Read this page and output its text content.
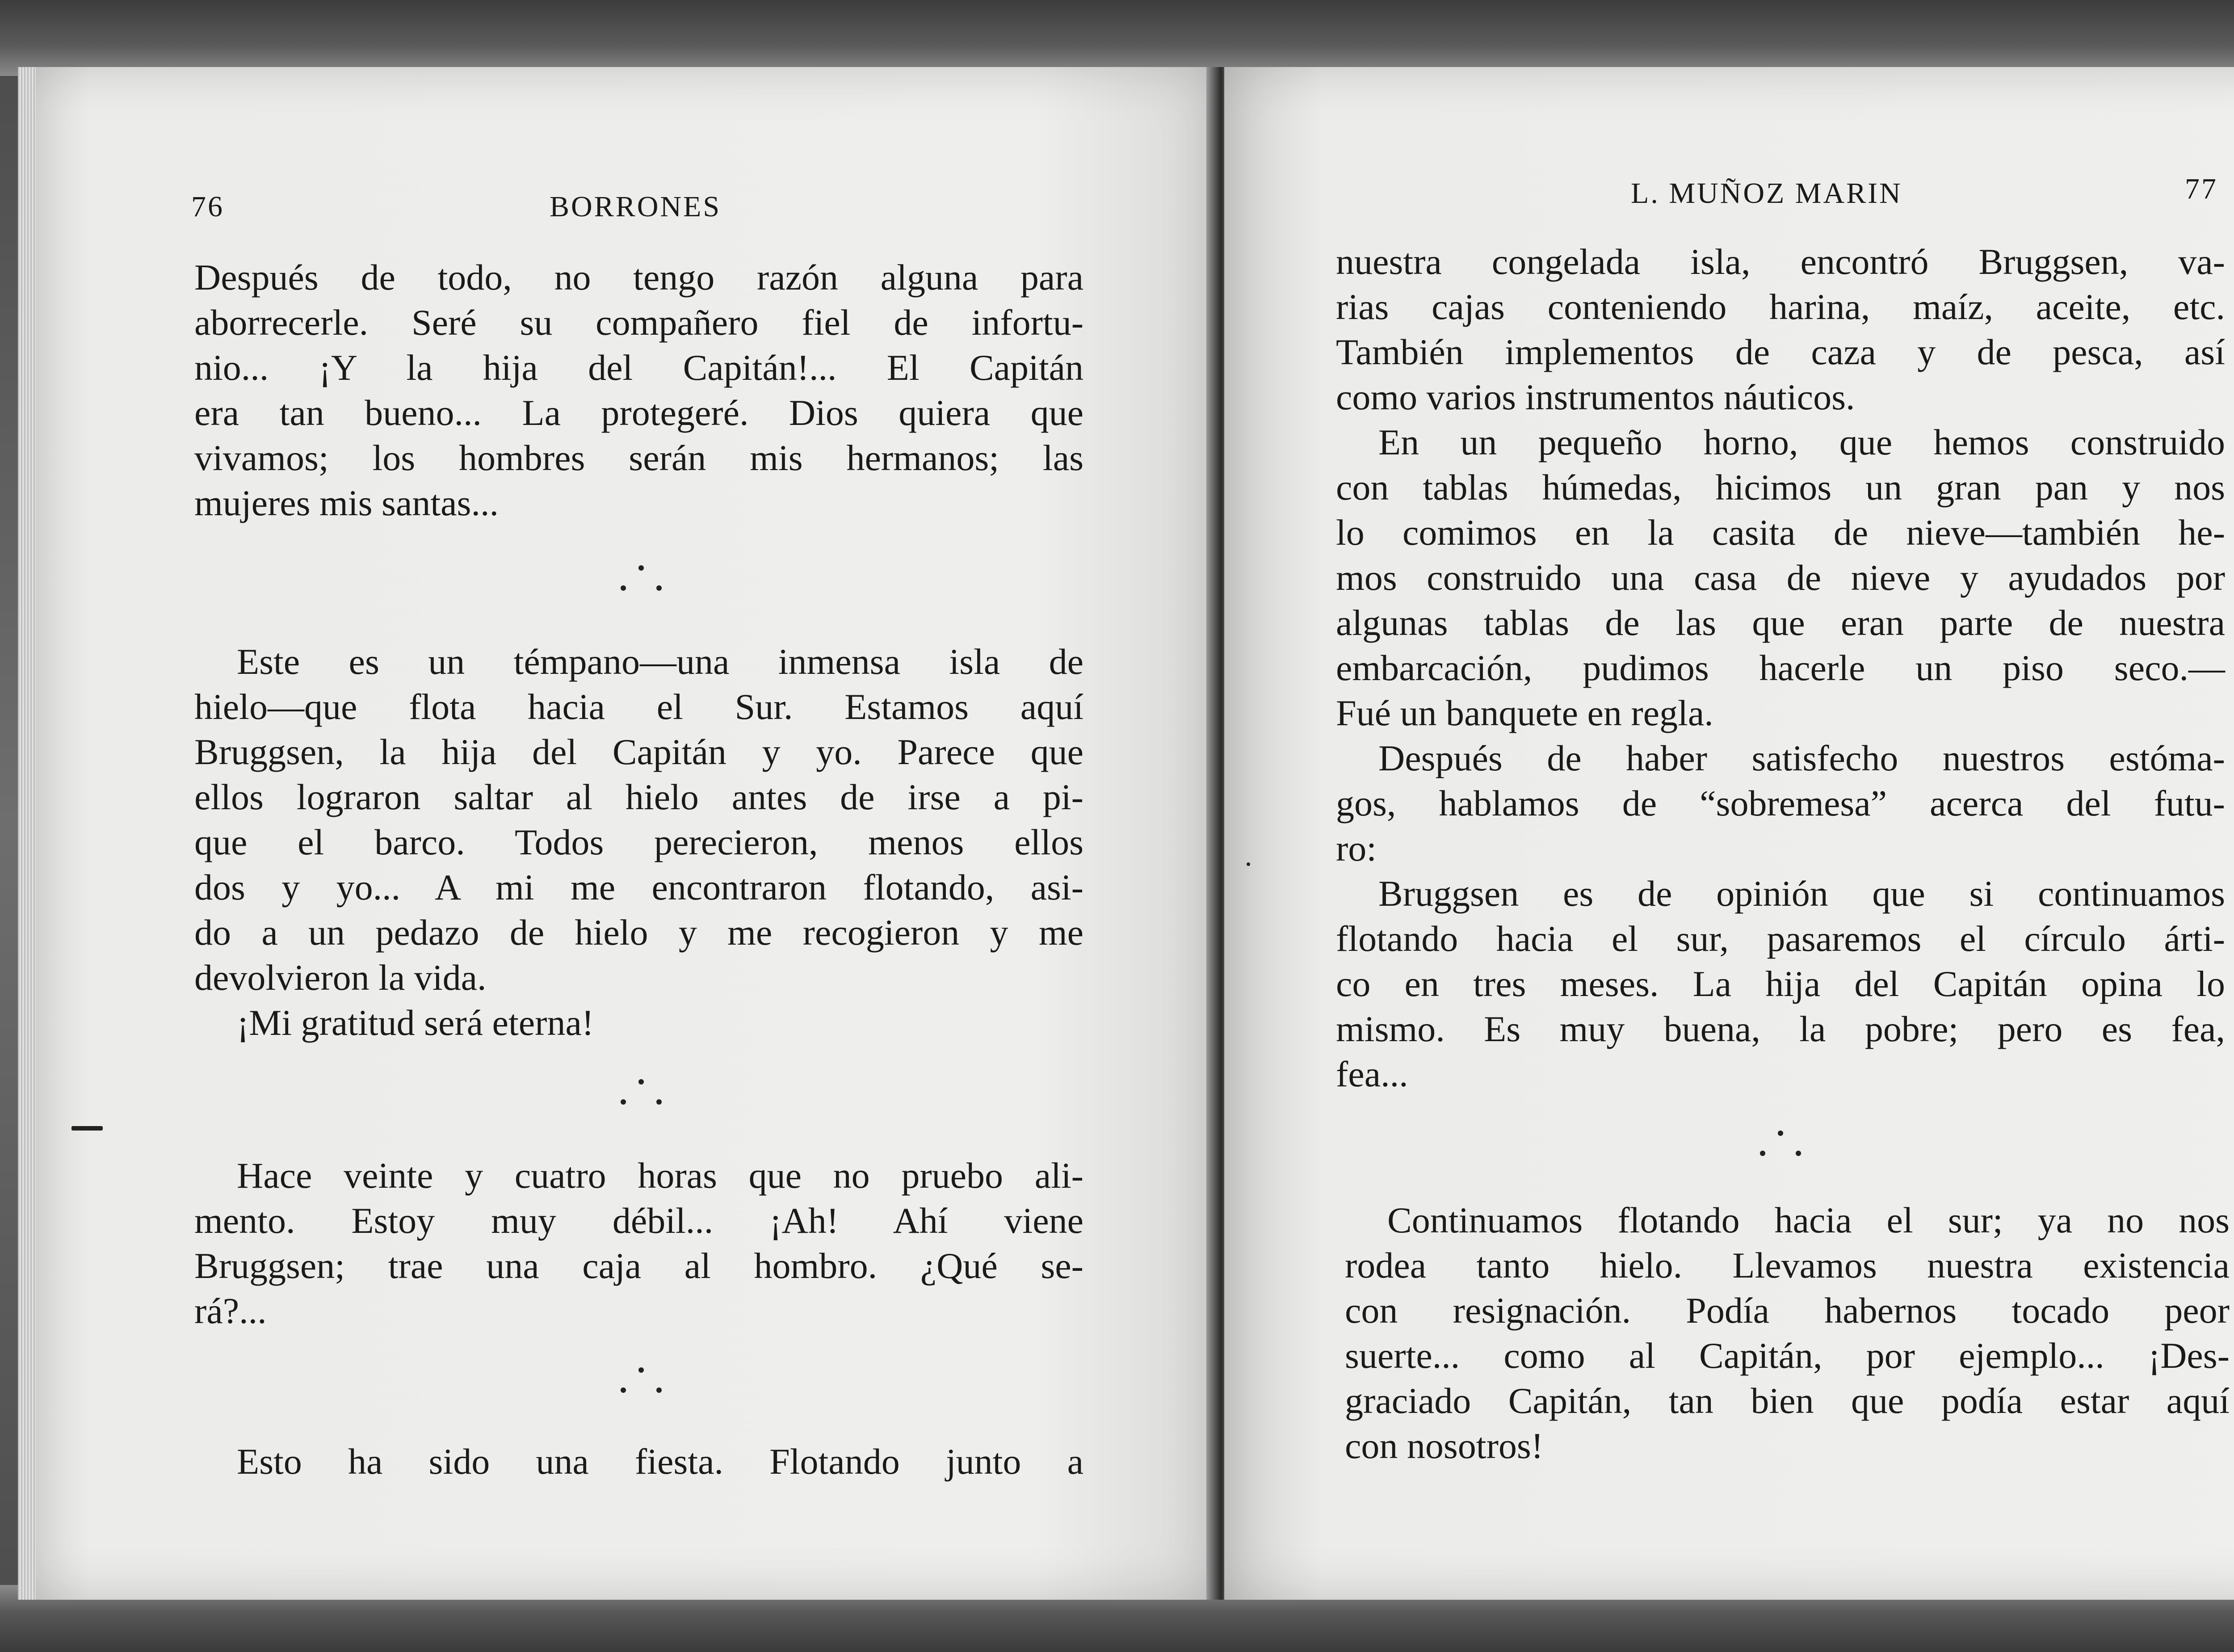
76	BORRONES
Después de todo, no tengo razón alguna para
aborrecerle. Seré su compañero fiel de infortu-
nio... ¡Y la hija del Capitán!... El Capitán
era tan bueno... La protegeré. Dios quiera que
vivamos; los hombres serán mis hermanos; las
mujeres mis santas...
Este es un témpano—una inmensa isla de
hielo—que flota hacia el Sur. Estamos aquí
Bruggsen, la hija del Capitán y yo. Parece que
ellos lograron saltar al hielo antes de irse a pi-
que el barco. Todos perecieron, menos ellos
dos y yo... A mi me encontraron flotando, asi-
do a un pedazo de hielo y me recogieron y me
devolvieron la vida.
¡Mi gratitud será eterna!
Hace veinte y cuatro horas que no pruebo ali-
mento. Estoy muy débil... ¡Ah! Ahí viene
Bruggsen; trae una caja al hombro. ¿Qué se-
rá?...
Esto ha sido una fiesta. Flotando junto a
L. MUÑOZ MARIN	77
nuestra congelada isla, encontró Bruggsen, va-
rias cajas conteniendo harina, maíz, aceite, etc.
También implementos de caza y de pesca, así
como varios instrumentos náuticos.
En un pequeño horno, que hemos construido
con tablas húmedas, hicimos un gran pan y nos
lo comimos en la casita de nieve—también he-
mos construido una casa de nieve y ayudados por
algunas tablas de las que eran parte de nuestra
embarcación, pudimos hacerle un piso seco.—
Fué un banquete en regla.
Después de haber satisfecho nuestros estóma-
gos, hablamos de “sobremesa” acerca del futu-
ro:
Bruggsen es de opinión que si continuamos
flotando hacia el sur, pasaremos el círculo árti-
co en tres meses. La hija del Capitán opina lo
mismo. Es muy buena, la pobre; pero es fea,
fea...
Continuamos flotando hacia el sur; ya no nos
rodea tanto hielo. Llevamos nuestra existencia
con resignación. Podía habernos tocado peor
suerte... como al Capitán, por ejemplo... ¡Des-
graciado Capitán, tan bien que podía estar aquí
con nosotros!
